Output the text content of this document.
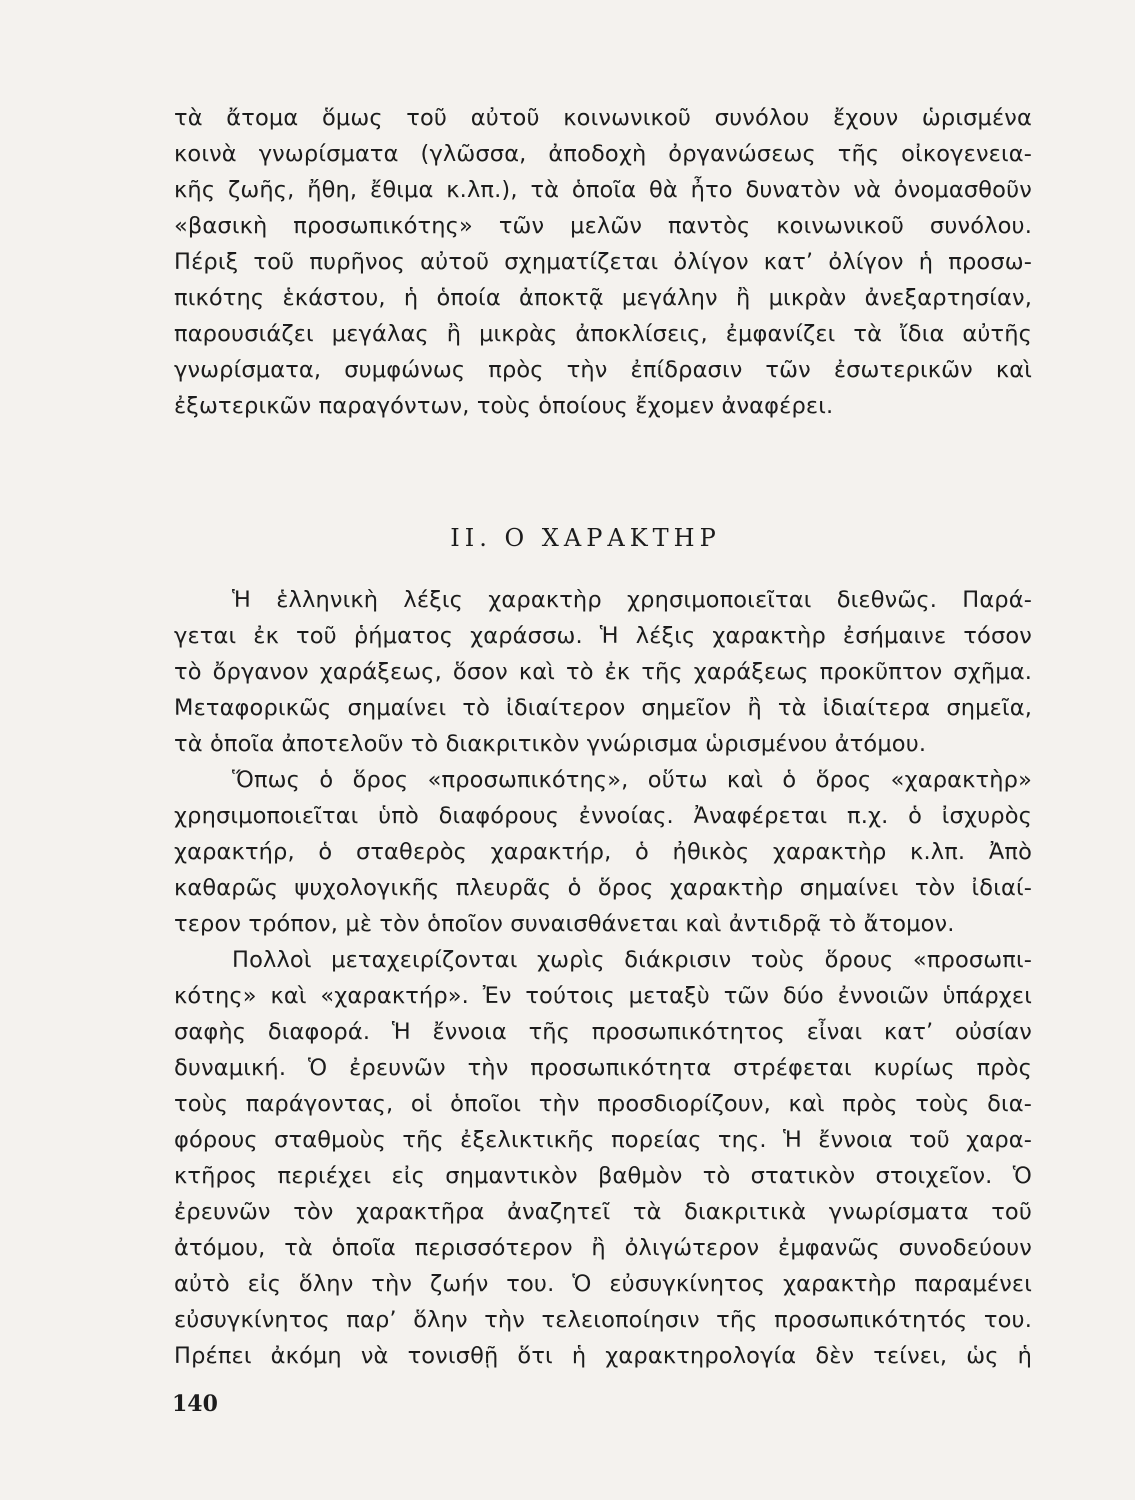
τὰ ἄτομα ὅμως τοῦ αὐτοῦ κοινωνικοῦ συνόλου ἔχουν ὡρισμένα
κοινὰ γνωρίσματα (γλῶσσα, ἀποδοχὴ ὀργανώσεως τῆς οἰκογενεια-
κῆς ζωῆς, ἤθη, ἔθιμα κ.λπ.), τὰ ὁποῖα θὰ ἦτο δυνατὸν νὰ ὀνομασθοῦν
«βασικὴ προσωπικότης» τῶν μελῶν παντὸς κοινωνικοῦ συνόλου.
Πέριξ τοῦ πυρῆνος αὐτοῦ σχηματίζεται ὀλίγον κατ’ ὀλίγον ἡ προσω-
πικότης ἑκάστου, ἡ ὁποία ἀποκτᾷ μεγάλην ἢ μικρὰν ἀνεξαρτησίαν,
παρουσιάζει μεγάλας ἢ μικρὰς ἀποκλίσεις, ἐμφανίζει τὰ ἴδια αὐτῆς
γνωρίσματα, συμφώνως πρὸς τὴν ἐπίδρασιν τῶν ἐσωτερικῶν καὶ
ἐξωτερικῶν παραγόντων, τοὺς ὁποίους ἔχομεν ἀναφέρει.
II. Ο ΧΑΡΑΚΤΗΡ
Ἡ ἑλληνικὴ λέξις χαρακτὴρ χρησιμοποιεῖται διεθνῶς. Παρά-
γεται ἐκ τοῦ ῥήματος χαράσσω. Ἡ λέξις χαρακτὴρ ἐσήμαινε τόσον
τὸ ὄργανον χαράξεως, ὅσον καὶ τὸ ἐκ τῆς χαράξεως προκῦπτον σχῆμα.
Μεταφορικῶς σημαίνει τὸ ἰδιαίτερον σημεῖον ἢ τὰ ἰδιαίτερα σημεῖα,
τὰ ὁποῖα ἀποτελοῦν τὸ διακριτικὸν γνώρισμα ὡρισμένου ἀτόμου.
Ὅπως ὁ ὅρος «προσωπικότης», οὕτω καὶ ὁ ὅρος «χαρακτὴρ»
χρησιμοποιεῖται ὑπὸ διαφόρους ἐννοίας. Ἀναφέρεται π.χ. ὁ ἰσχυρὸς
χαρακτήρ, ὁ σταθερὸς χαρακτήρ, ὁ ἠθικὸς χαρακτὴρ κ.λπ. Ἀπὸ
καθαρῶς ψυχολογικῆς πλευρᾶς ὁ ὅρος χαρακτὴρ σημαίνει τὸν ἰδιαί-
τερον τρόπον, μὲ τὸν ὁποῖον συναισθάνεται καὶ ἀντιδρᾷ τὸ ἄτομον.
Πολλοὶ μεταχειρίζονται χωρὶς διάκρισιν τοὺς ὅρους «προσωπι-
κότης» καὶ «χαρακτήρ». Ἐν τούτοις μεταξὺ τῶν δύο ἐννοιῶν ὑπάρχει
σαφὴς διαφορά. Ἡ ἔννοια τῆς προσωπικότητος εἶναι κατ’ οὐσίαν
δυναμική. Ὁ ἐρευνῶν τὴν προσωπικότητα στρέφεται κυρίως πρὸς
τοὺς παράγοντας, οἱ ὁποῖοι τὴν προσδιορίζουν, καὶ πρὸς τοὺς δια-
φόρους σταθμοὺς τῆς ἐξελικτικῆς πορείας της. Ἡ ἔννοια τοῦ χαρα-
κτῆρος περιέχει εἰς σημαντικὸν βαθμὸν τὸ στατικὸν στοιχεῖον. Ὁ
ἐρευνῶν τὸν χαρακτῆρα ἀναζητεῖ τὰ διακριτικὰ γνωρίσματα τοῦ
ἀτόμου, τὰ ὁποῖα περισσότερον ἢ ὀλιγώτερον ἐμφανῶς συνοδεύουν
αὐτὸ εἰς ὅλην τὴν ζωήν του. Ὁ εὐσυγκίνητος χαρακτὴρ παραμένει
εὐσυγκίνητος παρ’ ὅλην τὴν τελειοποίησιν τῆς προσωπικότητός του.
Πρέπει ἀκόμη νὰ τονισθῇ ὅτι ἡ χαρακτηρολογία δὲν τείνει, ὡς ἡ
140
